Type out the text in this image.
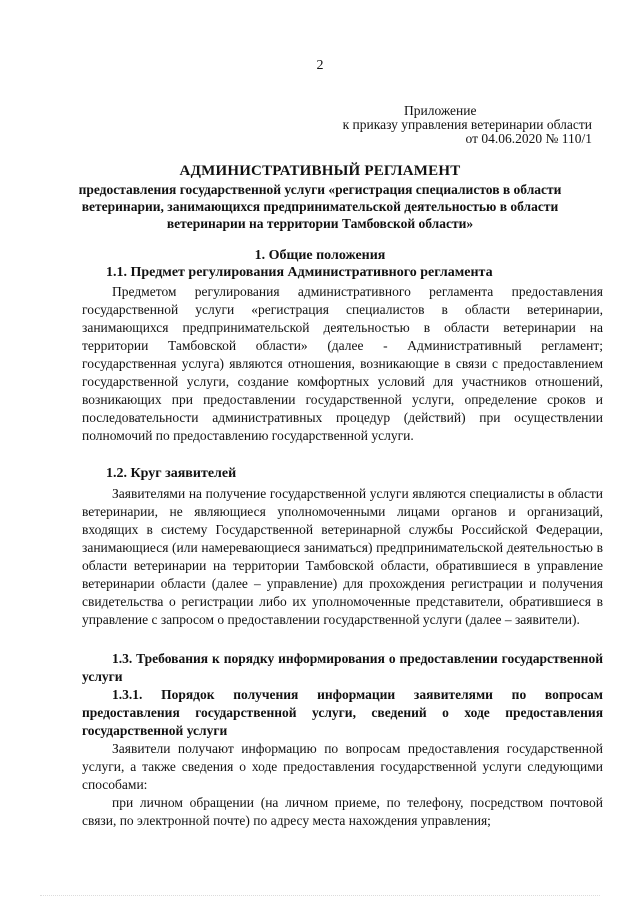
2
Приложение
к приказу управления ветеринарии области
от 04.06.2020 № 110/1
АДМИНИСТРАТИВНЫЙ РЕГЛАМЕНТ
предоставления государственной услуги «регистрация специалистов в области ветеринарии, занимающихся предпринимательской деятельностью в области ветеринарии на территории Тамбовской области»
1. Общие положения
1.1. Предмет регулирования Административного регламента
Предметом регулирования административного регламента предоставления государственной услуги «регистрация специалистов в области ветеринарии, занимающихся предпринимательской деятельностью в области ветеринарии на территории Тамбовской области» (далее - Административный регламент; государственная услуга) являются отношения, возникающие в связи с предоставлением государственной услуги, создание комфортных условий для участников отношений, возникающих при предоставлении государственной услуги, определение сроков и последовательности административных процедур (действий) при осуществлении полномочий по предоставлению государственной услуги.
1.2. Круг заявителей
Заявителями на получение государственной услуги являются специалисты в области ветеринарии, не являющиеся уполномоченными лицами органов и организаций, входящих в систему Государственной ветеринарной службы Российской Федерации, занимающиеся (или намеревающиеся заниматься) предпринимательской деятельностью в области ветеринарии на территории Тамбовской области, обратившиеся в управление ветеринарии области (далее – управление) для прохождения регистрации и получения свидетельства о регистрации либо их уполномоченные представители, обратившиеся в управление с запросом о предоставлении государственной услуги (далее – заявители).
1.3. Требования к порядку информирования о предоставлении государственной услуги
1.3.1. Порядок получения информации заявителями по вопросам предоставления государственной услуги, сведений о ходе предоставления государственной услуги
Заявители получают информацию по вопросам предоставления государственной услуги, а также сведения о ходе предоставления государственной услуги следующими способами:
при личном обращении (на личном приеме, по телефону, посредством почтовой связи, по электронной почте) по адресу места нахождения управления;
